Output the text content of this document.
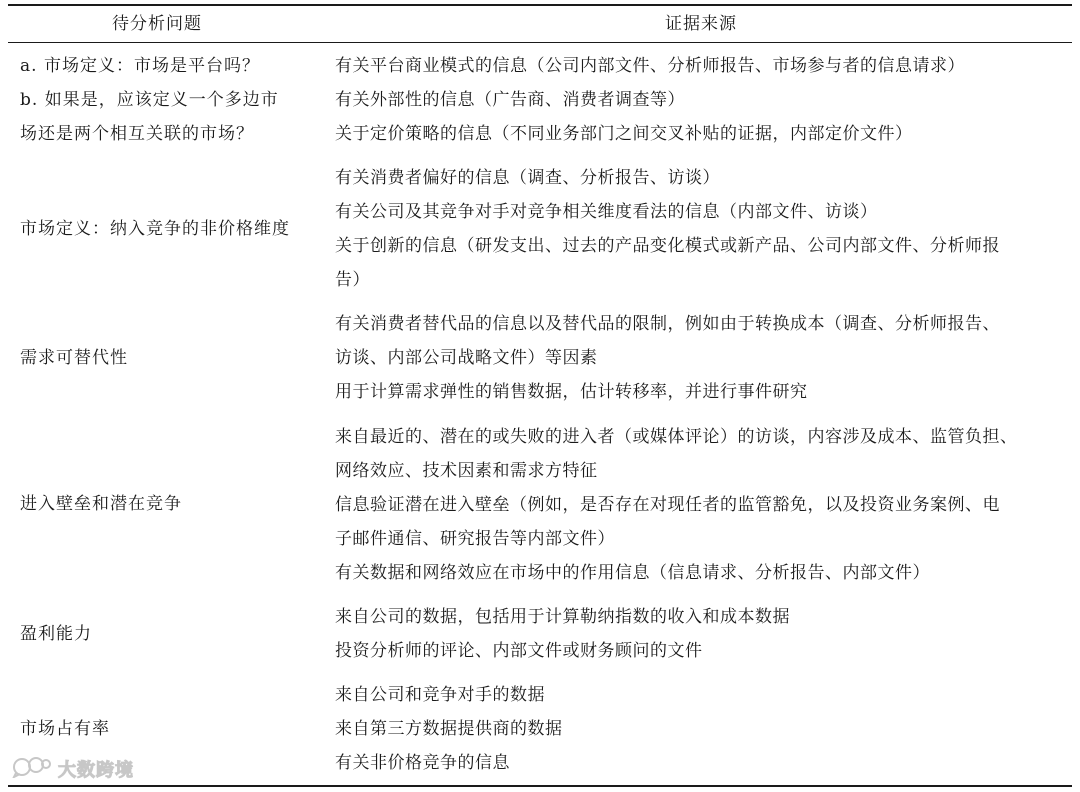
待分析问题	证据来源
a. 市场定义：市场是平台吗？
b. 如果是，应该定义一个多边市
场还是两个相互关联的市场？
有关平台商业模式的信息（公司内部文件、分析师报告、市场参与者的信息请求）
有关外部性的信息（广告商、消费者调查等）
关于定价策略的信息（不同业务部门之间交叉补贴的证据，内部定价文件）
市场定义：纳入竞争的非价格维度
有关消费者偏好的信息（调查、分析报告、访谈）
有关公司及其竞争对手对竞争相关维度看法的信息（内部文件、访谈）
关于创新的信息（研发支出、过去的产品变化模式或新产品、公司内部文件、分析师报
告）
需求可替代性
有关消费者替代品的信息以及替代品的限制，例如由于转换成本（调查、分析师报告、
访谈、内部公司战略文件）等因素
用于计算需求弹性的销售数据，估计转移率，并进行事件研究
进入壁垒和潜在竞争
来自最近的、潜在的或失败的进入者（或媒体评论）的访谈，内容涉及成本、监管负担、
网络效应、技术因素和需求方特征
信息验证潜在进入壁垒（例如，是否存在对现任者的监管豁免，以及投资业务案例、电
子邮件通信、研究报告等内部文件）
有关数据和网络效应在市场中的作用信息（信息请求、分析报告、内部文件）
盈利能力
来自公司的数据，包括用于计算勒纳指数的收入和成本数据
投资分析师的评论、内部文件或财务顾问的文件
市场占有率
来自公司和竞争对手的数据
来自第三方数据提供商的数据
有关非价格竞争的信息
大数跨境
